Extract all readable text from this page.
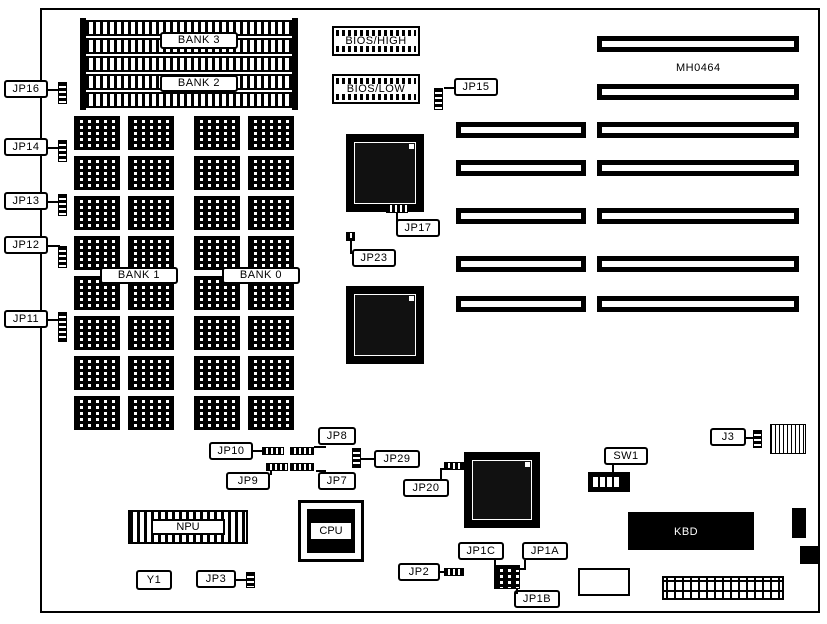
BANK 3
BANK 2
BANK 1	BANK 0
JP16
JP14
JP13
JP12
JP11
BIOS/HIGH
BIOS/LOW	JP15
JP17
JP23
MH0464
JP10
JP9
JP8
JP7
JP29
JP20
SW1
J3
NPU	CPU	KBD
Y1	JP3
JP2
JP1C	JP1A
JP1B
